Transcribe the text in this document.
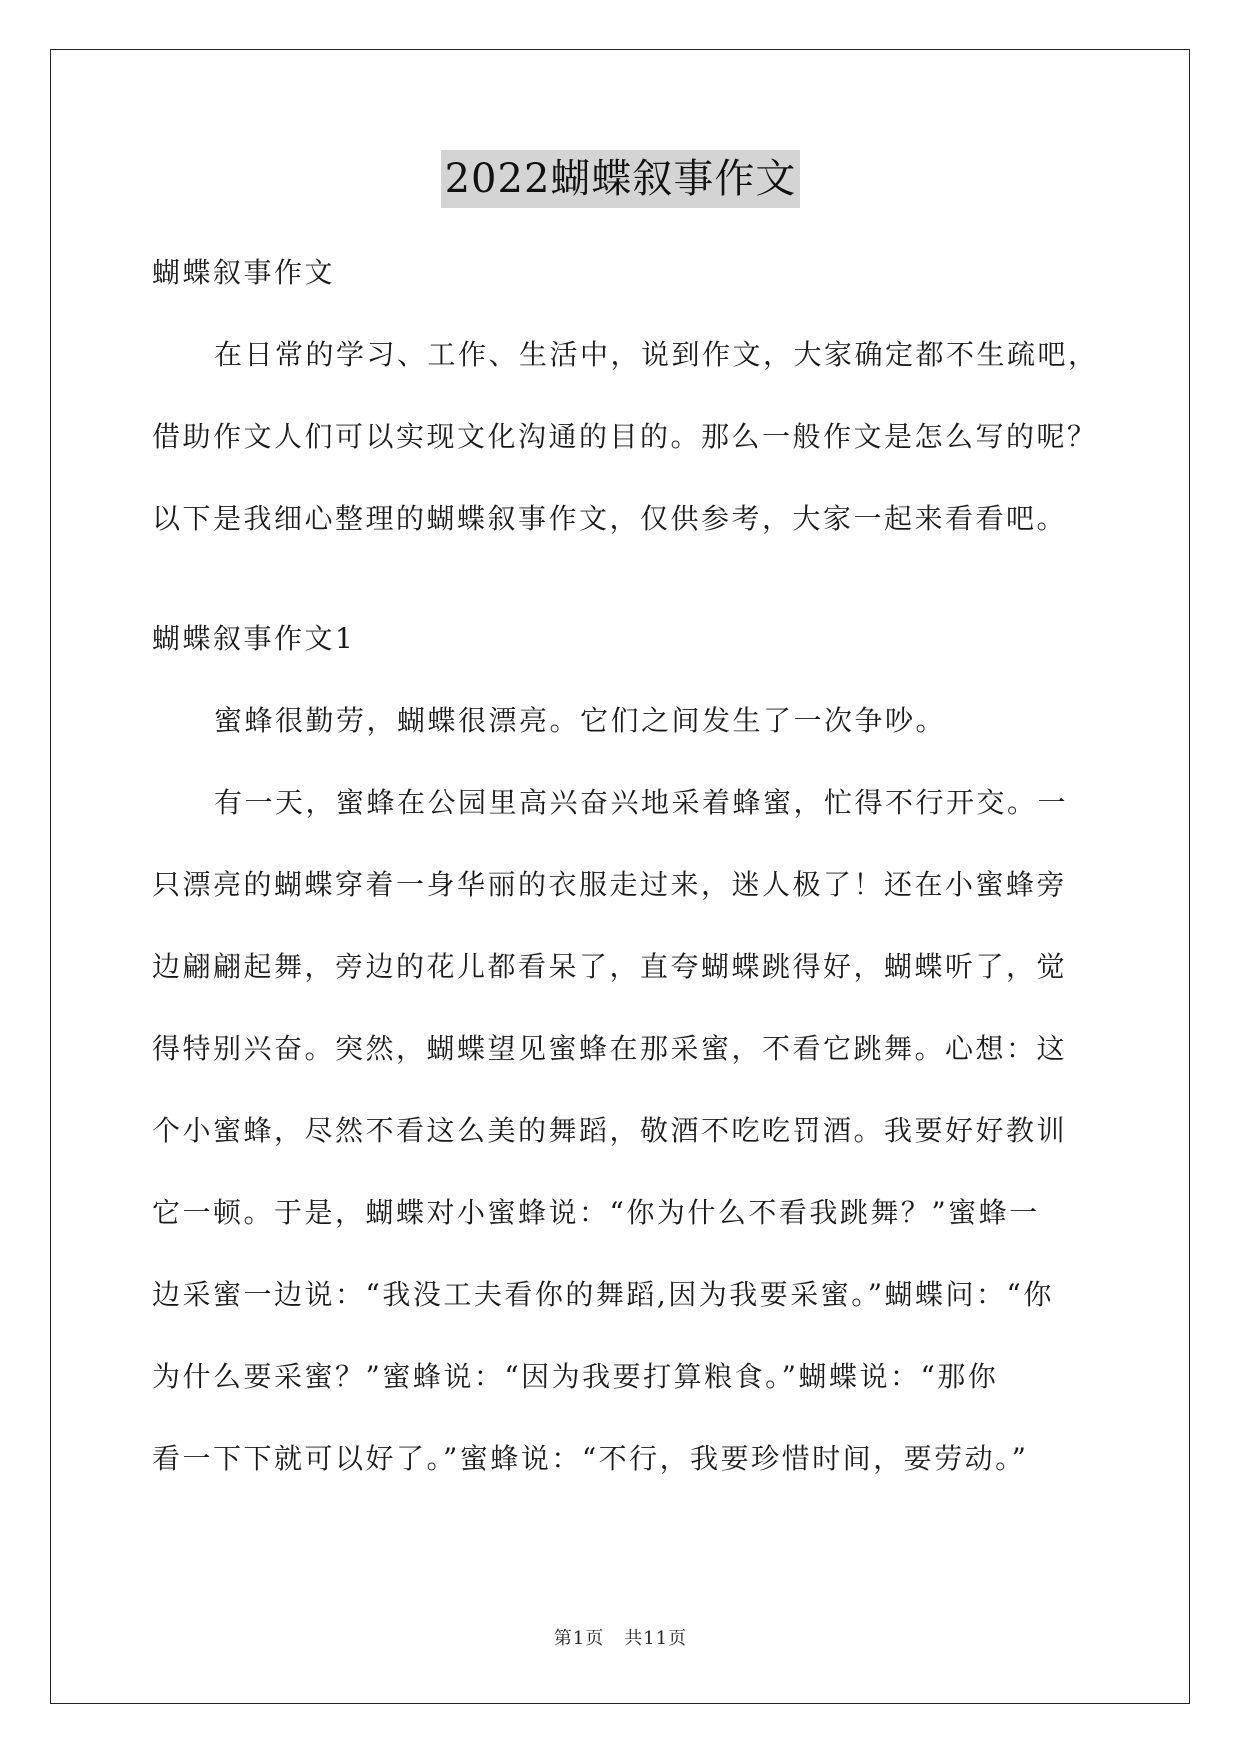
2022蝴蝶叙事作文
蝴蝶叙事作文
在日常的学习、工作、生活中，说到作文，大家确定都不生疏吧，
借助作文人们可以实现文化沟通的目的。那么一般作文是怎么写的呢？
以下是我细心整理的蝴蝶叙事作文，仅供参考，大家一起来看看吧。
蝴蝶叙事作文1
蜜蜂很勤劳，蝴蝶很漂亮。它们之间发生了一次争吵。
有一天，蜜蜂在公园里高兴奋兴地采着蜂蜜，忙得不行开交。一
只漂亮的蝴蝶穿着一身华丽的衣服走过来，迷人极了！还在小蜜蜂旁
边翩翩起舞，旁边的花儿都看呆了，直夸蝴蝶跳得好，蝴蝶听了，觉
得特别兴奋。突然，蝴蝶望见蜜蜂在那采蜜，不看它跳舞。心想：这
个小蜜蜂，尽然不看这么美的舞蹈，敬酒不吃吃罚酒。我要好好教训
它一顿。于是，蝴蝶对小蜜蜂说：“你为什么不看我跳舞？”蜜蜂一
边采蜜一边说：“我没工夫看你的舞蹈,因为我要采蜜。”蝴蝶问：“你
为什么要采蜜？”蜜蜂说：“因为我要打算粮食。”蝴蝶说：“那你
看一下下就可以好了。”蜜蜂说：“不行，我要珍惜时间，要劳动。”
第1页 共11页
